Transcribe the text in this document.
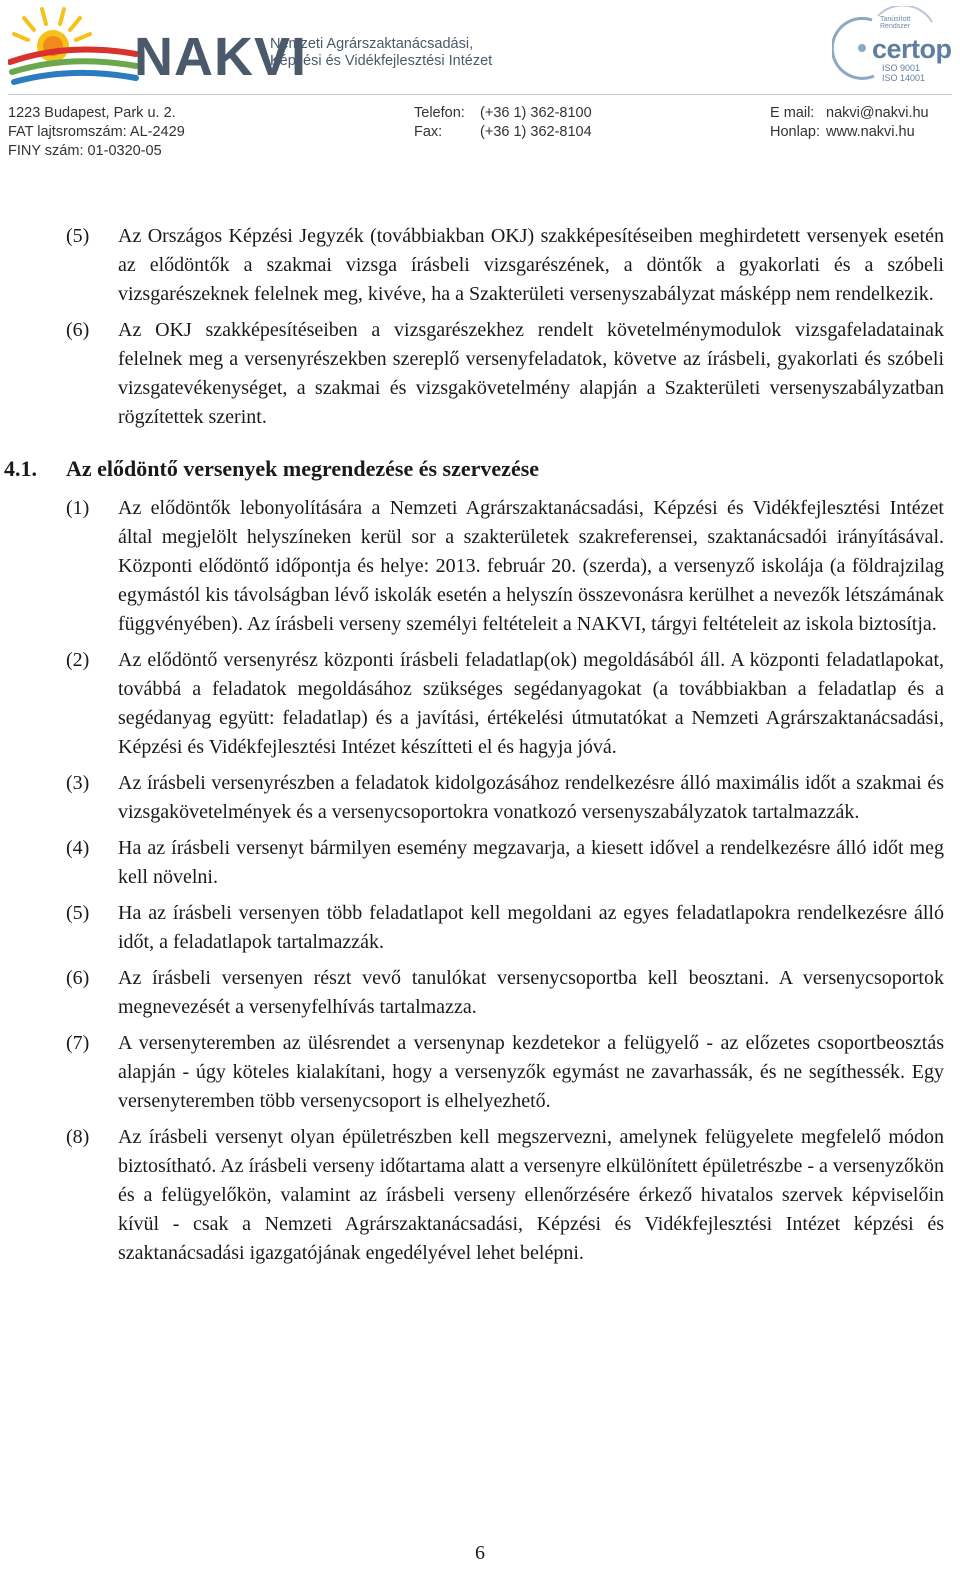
NAKVI
Nemzeti Agrárszaktanácsadási,
Képzési és Vidékfejlesztési Intézet
Tanúsított
Rendszer
certop
ISO 9001
ISO 14001
1223 Budapest, Park u. 2.
FAT lajtsromszám: AL-2429
FINY szám: 01-0320-05
Telefon: (+36 1) 362-8100
Fax:	(+36 1) 362-8104
E mail: nakvi@nakvi.hu
Honlap: www.nakvi.hu
(5)	Az Országos Képzési Jegyzék (továbbiakban OKJ) szakképesítéseiben meghirdetett versenyek esetén az elődöntők a szakmai vizsga írásbeli vizsgarészének, a döntők a gyakorlati és a szóbeli vizsgarészeknek felelnek meg, kivéve, ha a Szakterületi versenyszabályzat másképp nem rendelkezik.
(6)	Az OKJ szakképesítéseiben a vizsgarészekhez rendelt követelménymodulok vizsgafeladatainak felelnek meg a versenyrészekben szereplő versenyfeladatok, követve az írásbeli, gyakorlati és szóbeli vizsgatevékenységet, a szakmai és vizsgakövetelmény alapján a Szakterületi versenyszabályzatban rögzítettek szerint.
4.1.	Az elődöntő versenyek megrendezése és szervezése
(1)	Az elődöntők lebonyolítására a Nemzeti Agrárszaktanácsadási, Képzési és Vidékfejlesztési Intézet által megjelölt helyszíneken kerül sor a szakterületek szakreferensei, szaktanácsadói irányításával. Központi elődöntő időpontja és helye: 2013. február 20. (szerda), a versenyző iskolája (a földrajzilag egymástól kis távolságban lévő iskolák esetén a helyszín összevonásra kerülhet a nevezők létszámának függvényében). Az írásbeli verseny személyi feltételeit a NAKVI, tárgyi feltételeit az iskola biztosítja.
(2)	Az elődöntő versenyrész központi írásbeli feladatlap(ok) megoldásából áll. A központi feladatlapokat, továbbá a feladatok megoldásához szükséges segédanyagokat (a továbbiakban a feladatlap és a segédanyag együtt: feladatlap) és a javítási, értékelési útmutatókat a Nemzeti Agrárszaktanácsadási, Képzési és Vidékfejlesztési Intézet készítteti el és hagyja jóvá.
(3)	Az írásbeli versenyrészben a feladatok kidolgozásához rendelkezésre álló maximális időt a szakmai és vizsgakövetelmények és a versenycsoportokra vonatkozó versenyszabályzatok tartalmazzák.
(4)	Ha az írásbeli versenyt bármilyen esemény megzavarja, a kiesett idővel a rendelkezésre álló időt meg kell növelni.
(5)	Ha az írásbeli versenyen több feladatlapot kell megoldani az egyes feladatlapokra rendelkezésre álló időt, a feladatlapok tartalmazzák.
(6)	Az írásbeli versenyen részt vevő tanulókat versenycsoportba kell beosztani. A versenycsoportok megnevezését a versenyfelhívás tartalmazza.
(7)	A versenyteremben az ülésrendet a versenynap kezdetekor a felügyelő - az előzetes csoportbeosztás alapján - úgy köteles kialakítani, hogy a versenyzők egymást ne zavarhassák, és ne segíthessék. Egy versenyteremben több versenycsoport is elhelyezhető.
(8)	Az írásbeli versenyt olyan épületrészben kell megszervezni, amelynek felügyelete megfelelő módon biztosítható. Az írásbeli verseny időtartama alatt a versenyre elkülönített épületrészbe - a versenyzőkön és a felügyelőkön, valamint az írásbeli verseny ellenőrzésére érkező hivatalos szervek képviselőin kívül - csak a Nemzeti Agrárszaktanácsadási, Képzési és Vidékfejlesztési Intézet képzési és szaktanácsadási igazgatójának engedélyével lehet belépni.
6
